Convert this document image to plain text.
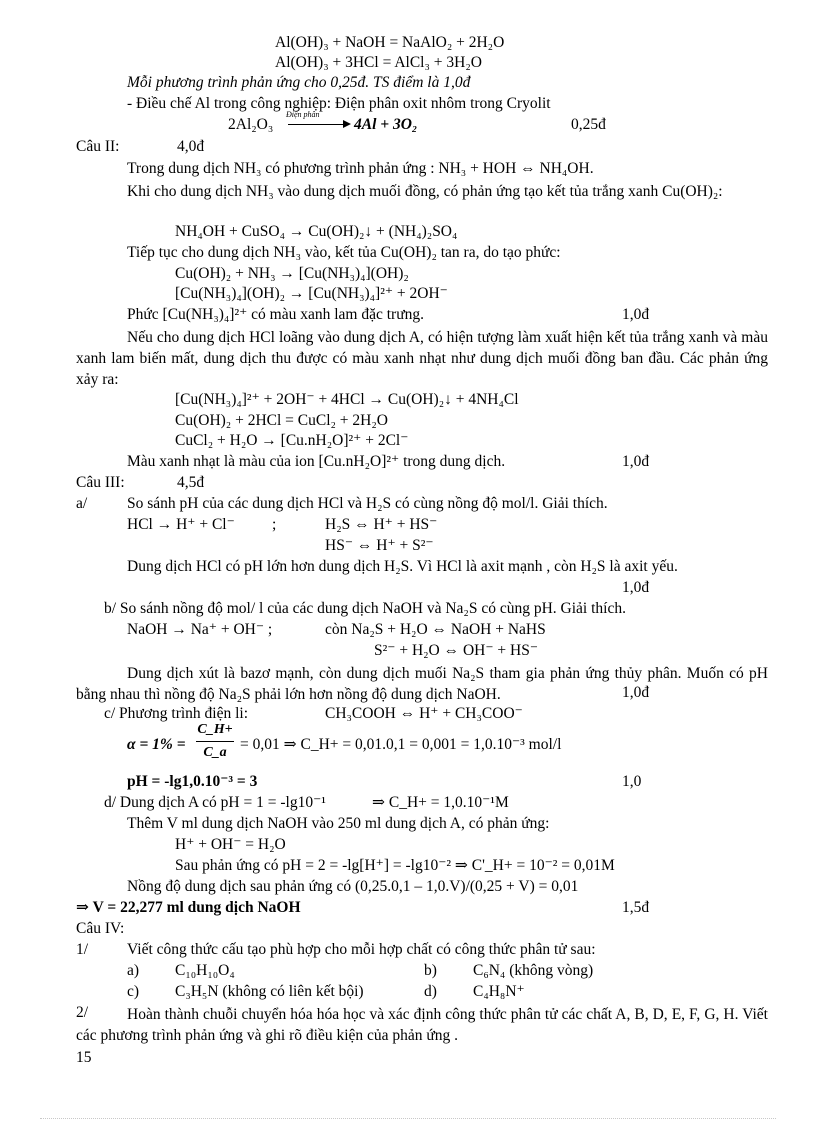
Al(OH)₃ + NaOH = NaAlO₂ + 2H₂O
Al(OH)₃ + 3HCl = AlCl₃ + 3H₂O
Mỗi phương trình phản ứng cho 0,25đ. TS điểm là 1,0đ
- Điều chế Al trong công nghiệp: Điện phân oxit nhôm trong Cryolit
2Al₂O₃
Điện phân
4Al + 3O₂	0,25đ
Câu II:	4,0đ
Trong dung dịch NH₃ có phương trình phản ứng : NH₃ + HOH ⇔ NH₄OH.
Khi cho dung dịch NH₃ vào dung dịch muối đồng, có phản ứng tạo kết tủa trắng xanh Cu(OH)₂:
NH₄OH + CuSO₄ → Cu(OH)₂↓ + (NH₄)₂SO₄
Tiếp tục cho dung dịch NH₃ vào, kết tủa Cu(OH)₂ tan ra, do tạo phức:
Cu(OH)₂ + NH₃ → [Cu(NH₃)₄](OH)₂
[Cu(NH₃)₄](OH)₂ → [Cu(NH₃)₄]²⁺ + 2OH⁻
Phức [Cu(NH₃)₄]²⁺ có màu xanh lam đặc trưng.	1,0đ
Nếu cho dung dịch HCl loãng vào dung dịch A, có hiện tượng làm xuất hiện kết tủa trắng xanh và màu xanh lam biến mất, dung dịch thu được có màu xanh nhạt như dung dịch muối đồng ban đầu. Các phản ứng xảy ra:
[Cu(NH₃)₄]²⁺ + 2OH⁻ + 4HCl → Cu(OH)₂↓ + 4NH₄Cl
Cu(OH)₂ + 2HCl = CuCl₂ + 2H₂O
CuCl₂ + H₂O → [Cu.nH₂O]²⁺ + 2Cl⁻
Màu xanh nhạt là màu của ion [Cu.nH₂O]²⁺ trong dung dịch.	1,0đ
Câu III:	4,5đ
a/	So sánh pH của các dung dịch HCl và H₂S có cùng nồng độ mol/l. Giải thích.
HCl → H⁺ + Cl⁻ ;	H₂S ⇔ H⁺ + HS⁻
HS⁻ ⇔ H⁺ + S²⁻
Dung dịch HCl có pH lớn hơn dung dịch H₂S. Vì HCl là axit mạnh , còn H₂S là axit yếu.
1,0đ
b/ So sánh nồng độ mol/ l của các dung dịch NaOH và Na₂S có cùng pH. Giải thích.
NaOH → Na⁺ + OH⁻ ;	còn Na₂S + H₂O ⇔ NaOH + NaHS
S²⁻ + H₂O ⇔ OH⁻ + HS⁻
Dung dịch xút là bazơ mạnh, còn dung dịch muối Na₂S tham gia phản ứng thủy phân. Muốn có pH bằng nhau thì nồng độ Na₂S phải lớn hơn nồng độ dung dịch NaOH.	1,0đ
c/ Phương trình điện li:	CH₃COOH ⇔ H⁺ + CH₃COO⁻
α = 1% =
C_H+
C_a = 0,01 ⇒ C_H+ = 0,01.0,1 = 0,001 = 1,0.10⁻³ mol/l
pH = -lg1,0.10⁻³ = 3	1,0
d/ Dung dịch A có pH = 1 = -lg10⁻¹	⇒ C_H+ = 1,0.10⁻¹M
Thêm V ml dung dịch NaOH vào 250 ml dung dịch A, có phản ứng:
H⁺ + OH⁻ = H₂O
Sau phản ứng có pH = 2 = -lg[H⁺] = -lg10⁻² ⇒ C'_H+ = 10⁻² = 0,01M
Nồng độ dung dịch sau phản ứng có (0,25.0,1 – 1,0.V)/(0,25 + V) = 0,01
⇒ V = 22,277 ml dung dịch NaOH	1,5đ
Câu IV:
1/	Viết công thức cấu tạo phù hợp cho mỗi hợp chất có công thức phân tử sau:
a) C₁₀H₁₀O₄	b) C₆N₄ (không vòng)
c) C₃H₅N (không có liên kết bội)	d) C₄H₈N⁺
2/	Hoàn thành chuỗi chuyển hóa hóa học và xác định công thức phân tử các chất A, B, D, E, F, G, H. Viết các phương trình phản ứng và ghi rõ điều kiện của phản ứng .
15
